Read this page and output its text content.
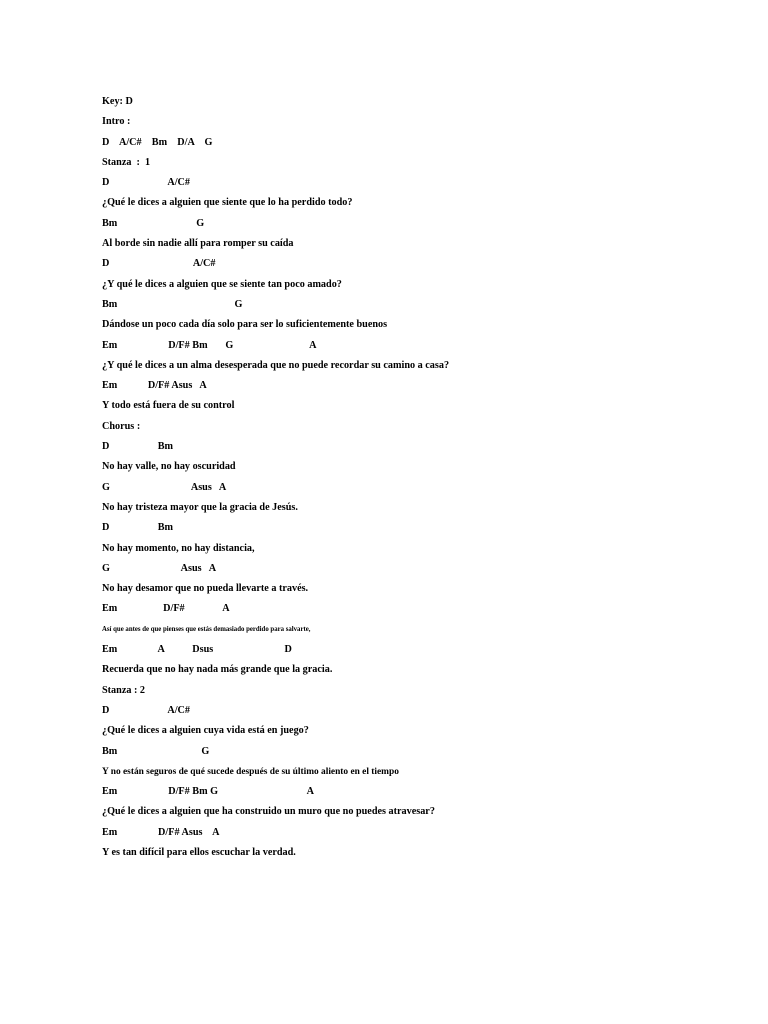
Key: D
Intro :
D    A/C#    Bm    D/A    G
Stanza  :  1
D                       A/C#
¿Qué le dices a alguien que siente que lo ha perdido todo?
Bm                               G
Al borde sin nadie allí para romper su caída
D                                 A/C#
¿Y qué le dices a alguien que se siente tan poco amado?
Bm                                              G
Dándose un poco cada día solo para ser lo suficientemente buenos
Em                    D/F# Bm       G                              A
¿Y qué le dices a un alma desesperada que no puede recordar su camino a casa?
Em            D/F# Asus   A
Y todo está fuera de su control
Chorus :
D                   Bm
No hay valle, no hay oscuridad
G                                Asus   A
No hay tristeza mayor que la gracia de Jesús.
D                   Bm
No hay momento, no hay distancia,
G                            Asus   A
No hay desamor que no pueda llevarte a través.
Em                  D/F#               A
Así que antes de que pienses que estás demasiado perdido para salvarte,
Em                A           Dsus                            D
Recuerda que no hay nada más grande que la gracia.
Stanza : 2
D                       A/C#
¿Qué le dices a alguien cuya vida está en juego?
Bm                                 G
Y no están seguros de qué sucede después de su último aliento en el tiempo
Em                    D/F# Bm G                                   A
¿Qué le dices a alguien que ha construido un muro que no puedes atravesar?
Em                D/F# Asus    A
Y es tan difícil para ellos escuchar la verdad.
